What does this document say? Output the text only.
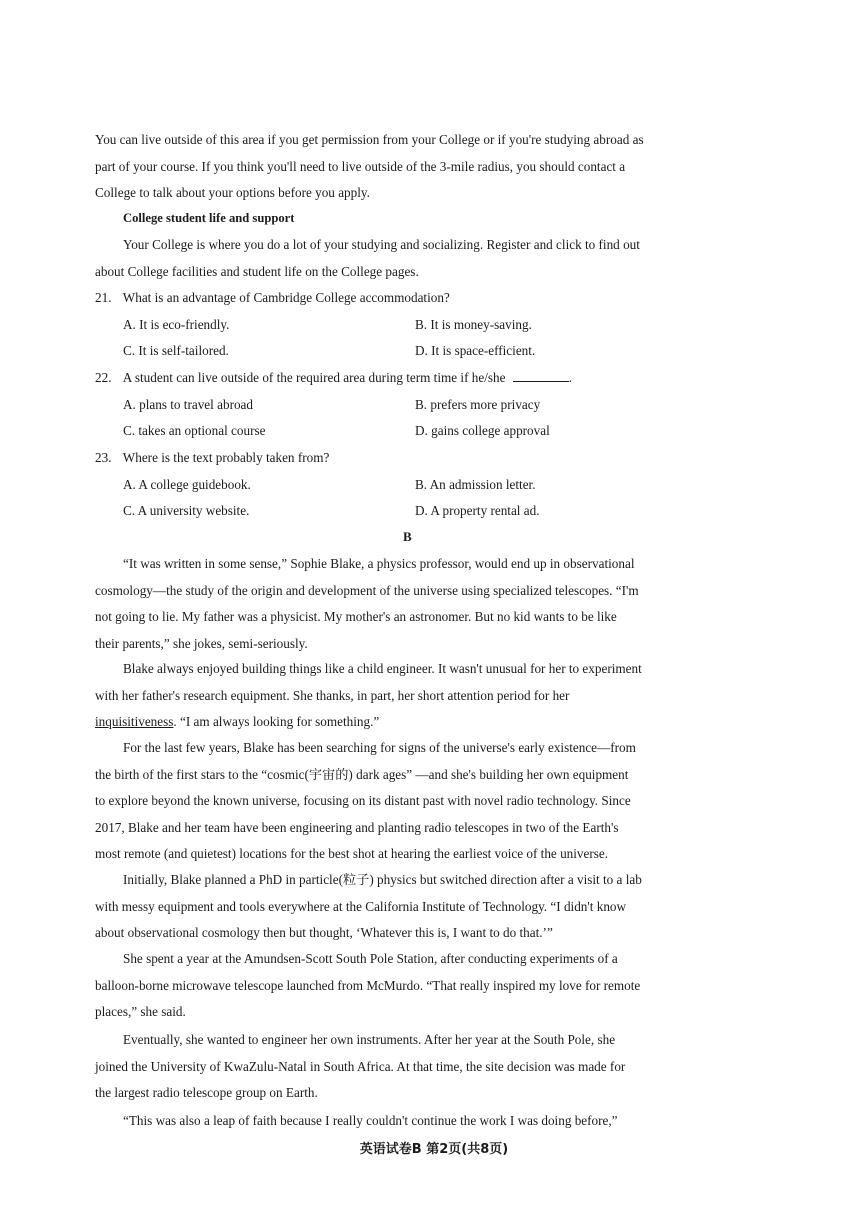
You can live outside of this area if you get permission from your College or if you're studying abroad as
part of your course. If you think you'll need to live outside of the 3-mile radius, you should contact a
College to talk about your options before you apply.
College student life and support
Your College is where you do a lot of your studying and socializing. Register and click to find out
about College facilities and student life on the College pages.
21. What is an advantage of Cambridge College accommodation?
A. It is eco-friendly.	B. It is money-saving.
C. It is self-tailored.	D. It is space-efficient.
22. A student can live outside of the required area during term time if he/she	.
A. plans to travel abroad	B. prefers more privacy
C. takes an optional course	D. gains college approval
23. Where is the text probably taken from?
A. A college guidebook.	B. An admission letter.
C. A university website.	D. A property rental ad.
B
“It was written in some sense,” Sophie Blake, a physics professor, would end up in observational
cosmology—the study of the origin and development of the universe using specialized telescopes. “I'm
not going to lie. My father was a physicist. My mother's an astronomer. But no kid wants to be like
their parents,” she jokes, semi-seriously.
Blake always enjoyed building things like a child engineer. It wasn't unusual for her to experiment
with her father's research equipment. She thanks, in part, her short attention period for her
inquisitiveness. “I am always looking for something.”
For the last few years, Blake has been searching for signs of the universe's early existence—from
the birth of the first stars to the “cosmic(宇宙的) dark ages” —and she's building her own equipment
to explore beyond the known universe, focusing on its distant past with novel radio technology. Since
2017, Blake and her team have been engineering and planting radio telescopes in two of the Earth's
most remote (and quietest) locations for the best shot at hearing the earliest voice of the universe.
Initially, Blake planned a PhD in particle(粒子) physics but switched direction after a visit to a lab
with messy equipment and tools everywhere at the California Institute of Technology. “I didn't know
about observational cosmology then but thought, ‘Whatever this is, I want to do that.’”
She spent a year at the Amundsen-Scott South Pole Station, after conducting experiments of a
balloon-borne microwave telescope launched from McMurdo. “That really inspired my love for remote
places,” she said.
Eventually, she wanted to engineer her own instruments. After her year at the South Pole, she
joined the University of KwaZulu-Natal in South Africa. At that time, the site decision was made for
the largest radio telescope group on Earth.
“This was also a leap of faith because I really couldn't continue the work I was doing before,”
英语试卷B 第2页(共8页)
